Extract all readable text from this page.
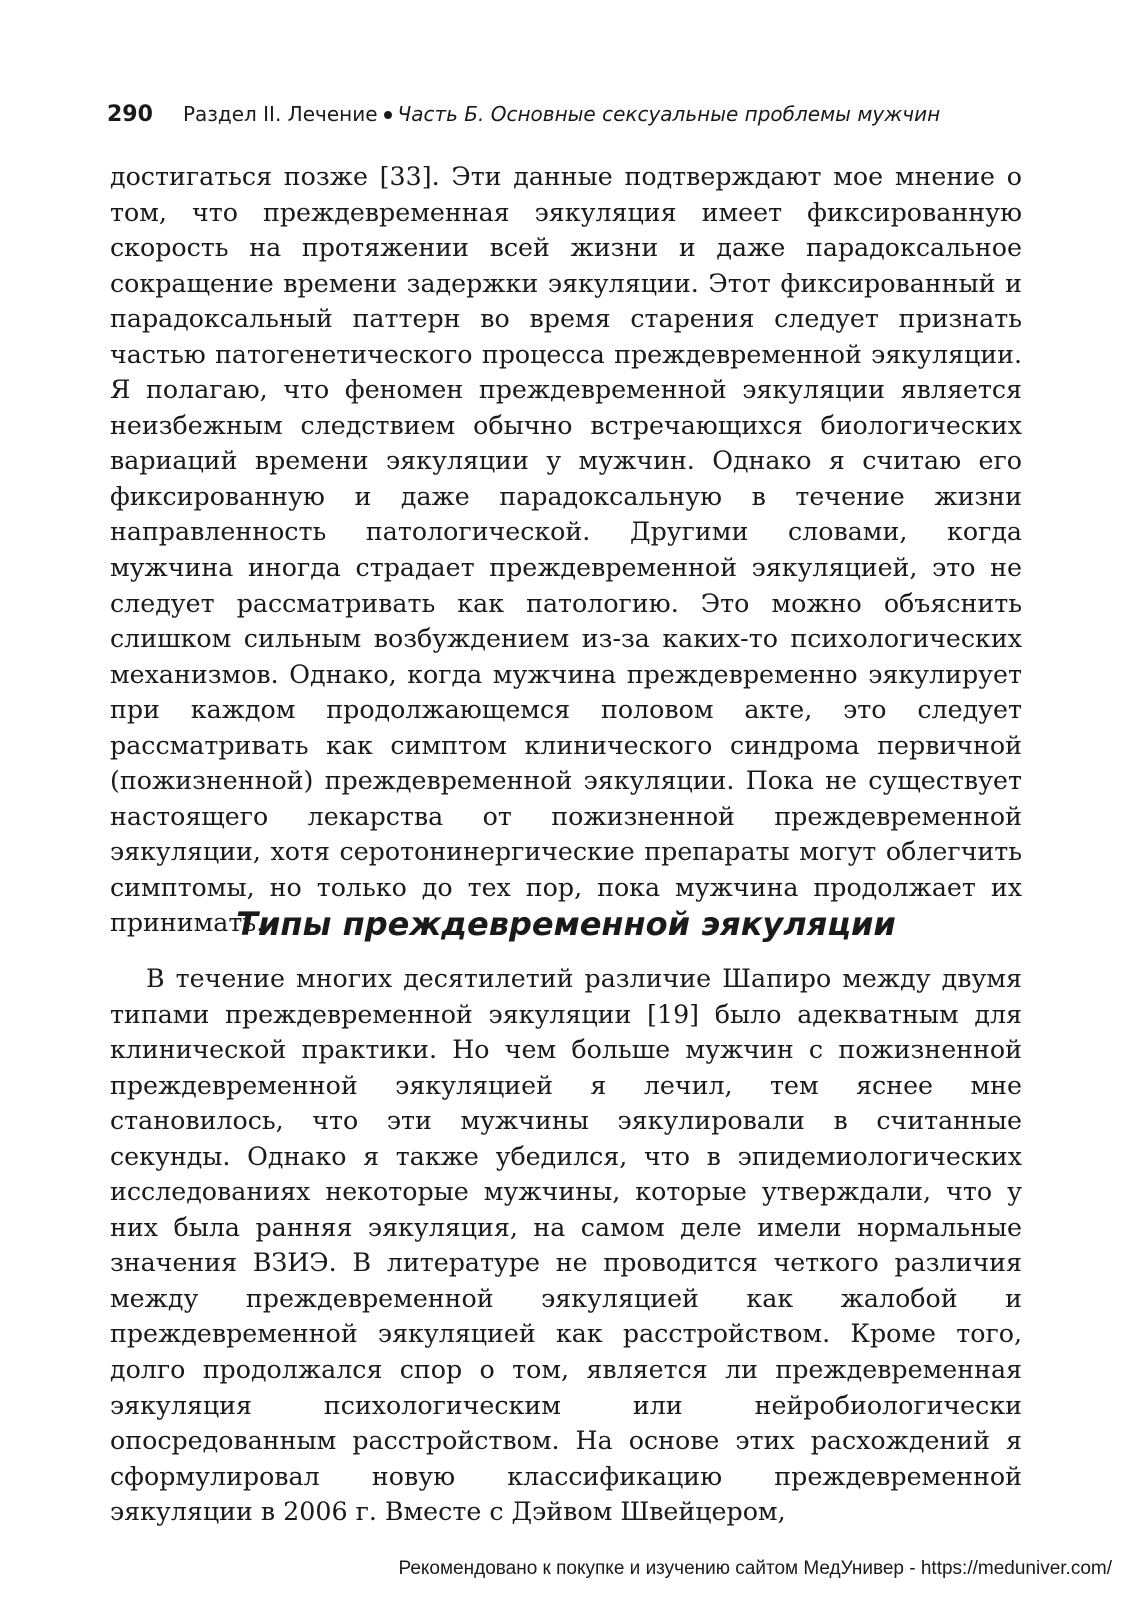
290 Раздел II. Лечение Часть Б. Основные сексуальные проблемы мужчин

достигаться позже [33]. Эти данные подтверждают мое мнение о том, что преждевременная эякуляция имеет фиксированную скорость на протяжении всей жизни и даже парадоксальное сокращение времени задержки эякуляции. Этот фиксированный и парадоксальный паттерн во время старения следует признать частью патогенетического процесса преждевременной эякуляции. Я полагаю, что феномен преждевременной эякуляции является неизбежным следствием обычно встречающихся биологических вариаций времени эякуляции у мужчин. Однако я считаю его фиксированную и даже парадоксальную в течение жизни направленность патологической. Другими словами, когда мужчина иногда страдает преждевременной эякуляцией, это не следует рассматривать как патологию. Это можно объяснить слишком сильным возбуждением из-за каких-то психологических механизмов. Однако, когда мужчина преждевременно эякулирует при каждом продолжающемся половом акте, это следует рассматривать как симптом клинического синдрома первичной (пожизненной) преждевременной эякуляции. Пока не существует настоящего лекарства от пожизненной преждевременной эякуляции, хотя серотонинергические препараты могут облегчить симптомы, но только до тех пор, пока мужчина продолжает их принимать.

Типы преждевременной эякуляции

В течение многих десятилетий различие Шапиро между двумя типами преждевременной эякуляции [19] было адекватным для клинической практики. Но чем больше мужчин с пожизненной преждевременной эякуляцией я лечил, тем яснее мне становилось, что эти мужчины эякулировали в считанные секунды. Однако я также убедился, что в эпидемиологических исследованиях некоторые мужчины, которые утверждали, что у них была ранняя эякуляция, на самом деле имели нормальные значения ВЗИЭ. В литературе не проводится четкого различия между преждевременной эякуляцией как жалобой и преждевременной эякуляцией как расстройством. Кроме того, долго продолжался спор о том, является ли преждевременная эякуляция психологическим или нейробиологически опосредованным расстройством. На основе этих расхождений я сформулировал новую классификацию преждевременной эякуляции в 2006 г. Вместе с Дэйвом Швейцером,

Рекомендовано к покупке и изучению сайтом МедУнивер - https://meduniver.com/
